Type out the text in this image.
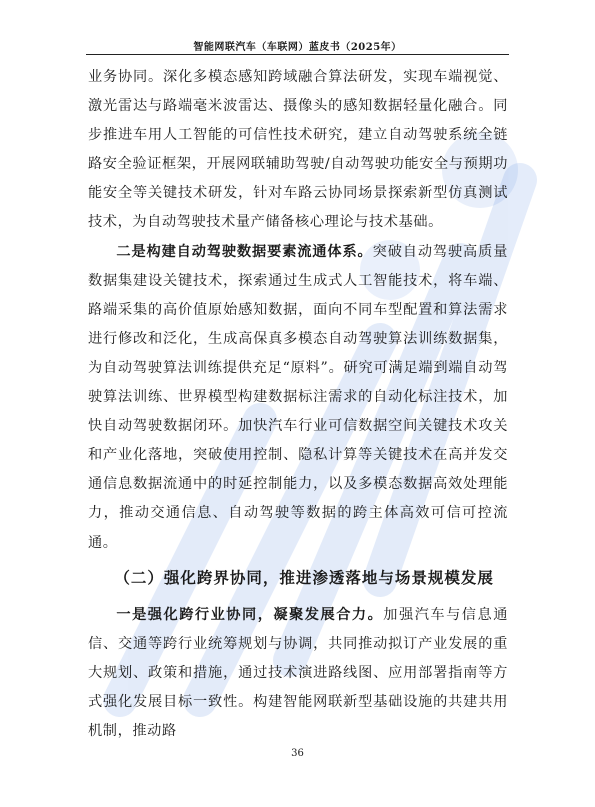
智能网联汽车（车联网）蓝皮书（2025年）

业务协同。深化多模态感知跨域融合算法研发，实现车端视觉、激光雷达与路端毫米波雷达、摄像头的感知数据轻量化融合。同步推进车用人工智能的可信性技术研究，建立自动驾驶系统全链路安全验证框架，开展网联辅助驾驶/自动驾驶功能安全与预期功能安全等关键技术研发，针对车路云协同场景探索新型仿真测试技术，为自动驾驶技术量产储备核心理论与技术基础。

二是构建自动驾驶数据要素流通体系。突破自动驾驶高质量数据集建设关键技术，探索通过生成式人工智能技术，将车端、路端采集的高价值原始感知数据，面向不同车型配置和算法需求进行修改和泛化，生成高保真多模态自动驾驶算法训练数据集，为自动驾驶算法训练提供充足“原料”。研究可满足端到端自动驾驶算法训练、世界模型构建数据标注需求的自动化标注技术，加快自动驾驶数据闭环。加快汽车行业可信数据空间关键技术攻关和产业化落地，突破使用控制、隐私计算等关键技术在高并发交通信息数据流通中的时延控制能力，以及多模态数据高效处理能力，推动交通信息、自动驾驶等数据的跨主体高效可信可控流通。

（二）强化跨界协同，推进渗透落地与场景规模发展

一是强化跨行业协同，凝聚发展合力。加强汽车与信息通信、交通等跨行业统筹规划与协调，共同推动拟订产业发展的重大规划、政策和措施，通过技术演进路线图、应用部署指南等方式强化发展目标一致性。构建智能网联新型基础设施的共建共用机制，推动路

36
